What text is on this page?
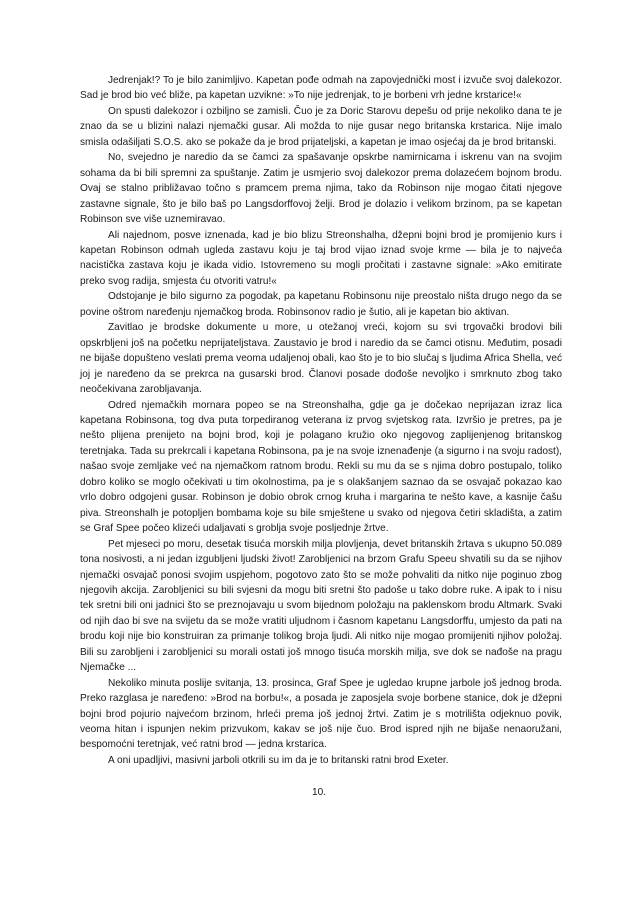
Jedrenjak!? To je bilo zanimljivo. Kapetan pođe odmah na zapovjednički most i izvuče svoj dalekozor. Sad je brod bio već bliže, pa kapetan uzvikne: »To nije jedrenjak, to je borbeni vrh jedne krstarice!«

On spusti dalekozor i ozbiljno se zamisli. Čuo je za Doric Starovu depešu od prije nekoliko dana te je znao da se u blizini nalazi njemački gusar. Ali možda to nije gusar nego britanska krstarica. Nije imalo smisla odašiljati S.O.S. ako se pokaže da je brod prijateljski, a kapetan je imao osjećaj da je brod britanski.

No, svejedno je naredio da se čamci za spašavanje opskrbe namirnicama i iskrenu van na svojim sohama da bi bili spremni za spuštanje. Zatim je usmjerio svoj dalekozor prema dolazećem bojnom brodu. Ovaj se stalno približavao točno s pramcem prema njima, tako da Robinson nije mogao čitati njegove zastavne signale, što je bilo baš po Langsdorffovoj želji. Brod je dolazio i velikom brzinom, pa se kapetan Robinson sve više uznemiravao.

Ali najednom, posve iznenada, kad je bio blizu Streonshalha, džepni bojni brod je promijenio kurs i kapetan Robinson odmah ugleda zastavu koju je taj brod vijao iznad svoje krme — bila je to najveća nacistička zastava koju je ikada vidio. Istovremeno su mogli pročitati i zastavne signale: »Ako emitirate preko svog radija, smjesta ću otvoriti vatru!«

Odstojanje je bilo sigurno za pogodak, pa kapetanu Robinsonu nije preostalo ništa drugo nego da se povine oštrom naređenju njemačkog broda. Robinsonov radio je šutio, ali je kapetan bio aktivan.

Zavitlao je brodske dokumente u more, u otežanoj vreći, kojom su svi trgovački brodovi bili opskrbljeni još na početku neprijateljstava. Zaustavio je brod i naredio da se čamci otisnu. Međutim, posadi ne bijaše dopušteno veslati prema veoma udaljenoj obali, kao što je to bio slučaj s ljudima Africa Shella, već joj je naređeno da se prekrca na gusarski brod. Članovi posade dođoše nevoljko i smrknuto zbog tako neočekivana zarobljavanja.

Odred njemačkih mornara popeo se na Streonshalha, gdje ga je dočekao neprijazan izraz lica kapetana Robinsona, tog dva puta torpediranog veterana iz prvog svjetskog rata. Izvršio je pretres, pa je nešto plijena prenijeto na bojni brod, koji je polagano kružio oko njegovog zaplijenjenog britanskog teretnjaka. Tada su prekrcali i kapetana Robinsona, pa je na svoje iznenađenje (a sigurno i na svoju radost), našao svoje zemljake već na njemačkom ratnom brodu. Rekli su mu da se s njima dobro postupalo, toliko dobro koliko se moglo očekivati u tim okolnostima, pa je s olakšanjem saznao da se osvajač pokazao kao vrlo dobro odgojeni gusar. Robinson je dobio obrok crnog kruha i margarina te nešto kave, a kasnije čašu piva. Streonshalh je potopljen bombama koje su bile smještene u svako od njegova četiri skladišta, a zatim se Graf Spee počeo klizeći udaljavati s groblja svoje posljednje žrtve.

Pet mjeseci po moru, desetak tisuća morskih milja plovljenja, devet britanskih žrtava s ukupno 50.089 tona nosivosti, a ni jedan izgubljeni ljudski život! Zarobljenici na brzom Grafu Speeu shvatili su da se njihov njemački osvajač ponosi svojim uspjehom, pogotovo zato što se može pohvaliti da nitko nije poginuo zbog njegovih akcija. Zarobljenici su bili svjesni da mogu biti sretni što padoše u tako dobre ruke. A ipak to i nisu tek sretni bili oni jadnici što se preznojavaju u svom bijednom položaju na paklenskom brodu Altmark. Svaki od njih dao bi sve na svijetu da se može vratiti uljudnom i časnom kapetanu Langsdorffu, umjesto da pati na brodu koji nije bio konstruiran za primanje tolikog broja ljudi. Ali nitko nije mogao promijeniti njihov položaj. Bili su zarobljeni i zarobljenici su morali ostati još mnogo tisuća morskih milja, sve dok se nađoše na pragu Njemačke ...

Nekoliko minuta poslije svitanja, 13. prosinca, Graf Spee je ugledao krupne jarbole još jednog broda. Preko razglasa je naređeno: »Brod na borbu!«, a posada je zaposjela svoje borbene stanice, dok je džepni bojni brod pojurio najvećom brzinom, hrleći prema još jednoj žrtvi. Zatim je s motrilišta odjeknuo povik, veoma hitan i ispunjen nekim prizvukom, kakav se još nije čuo. Brod ispred njih ne bijaše nenaoružani, bespomoćni teretnjak, već ratni brod — jedna krstarica.

A oni upadljivi, masivni jarboli otkrili su im da je to britanski ratni brod Exeter.

10.
